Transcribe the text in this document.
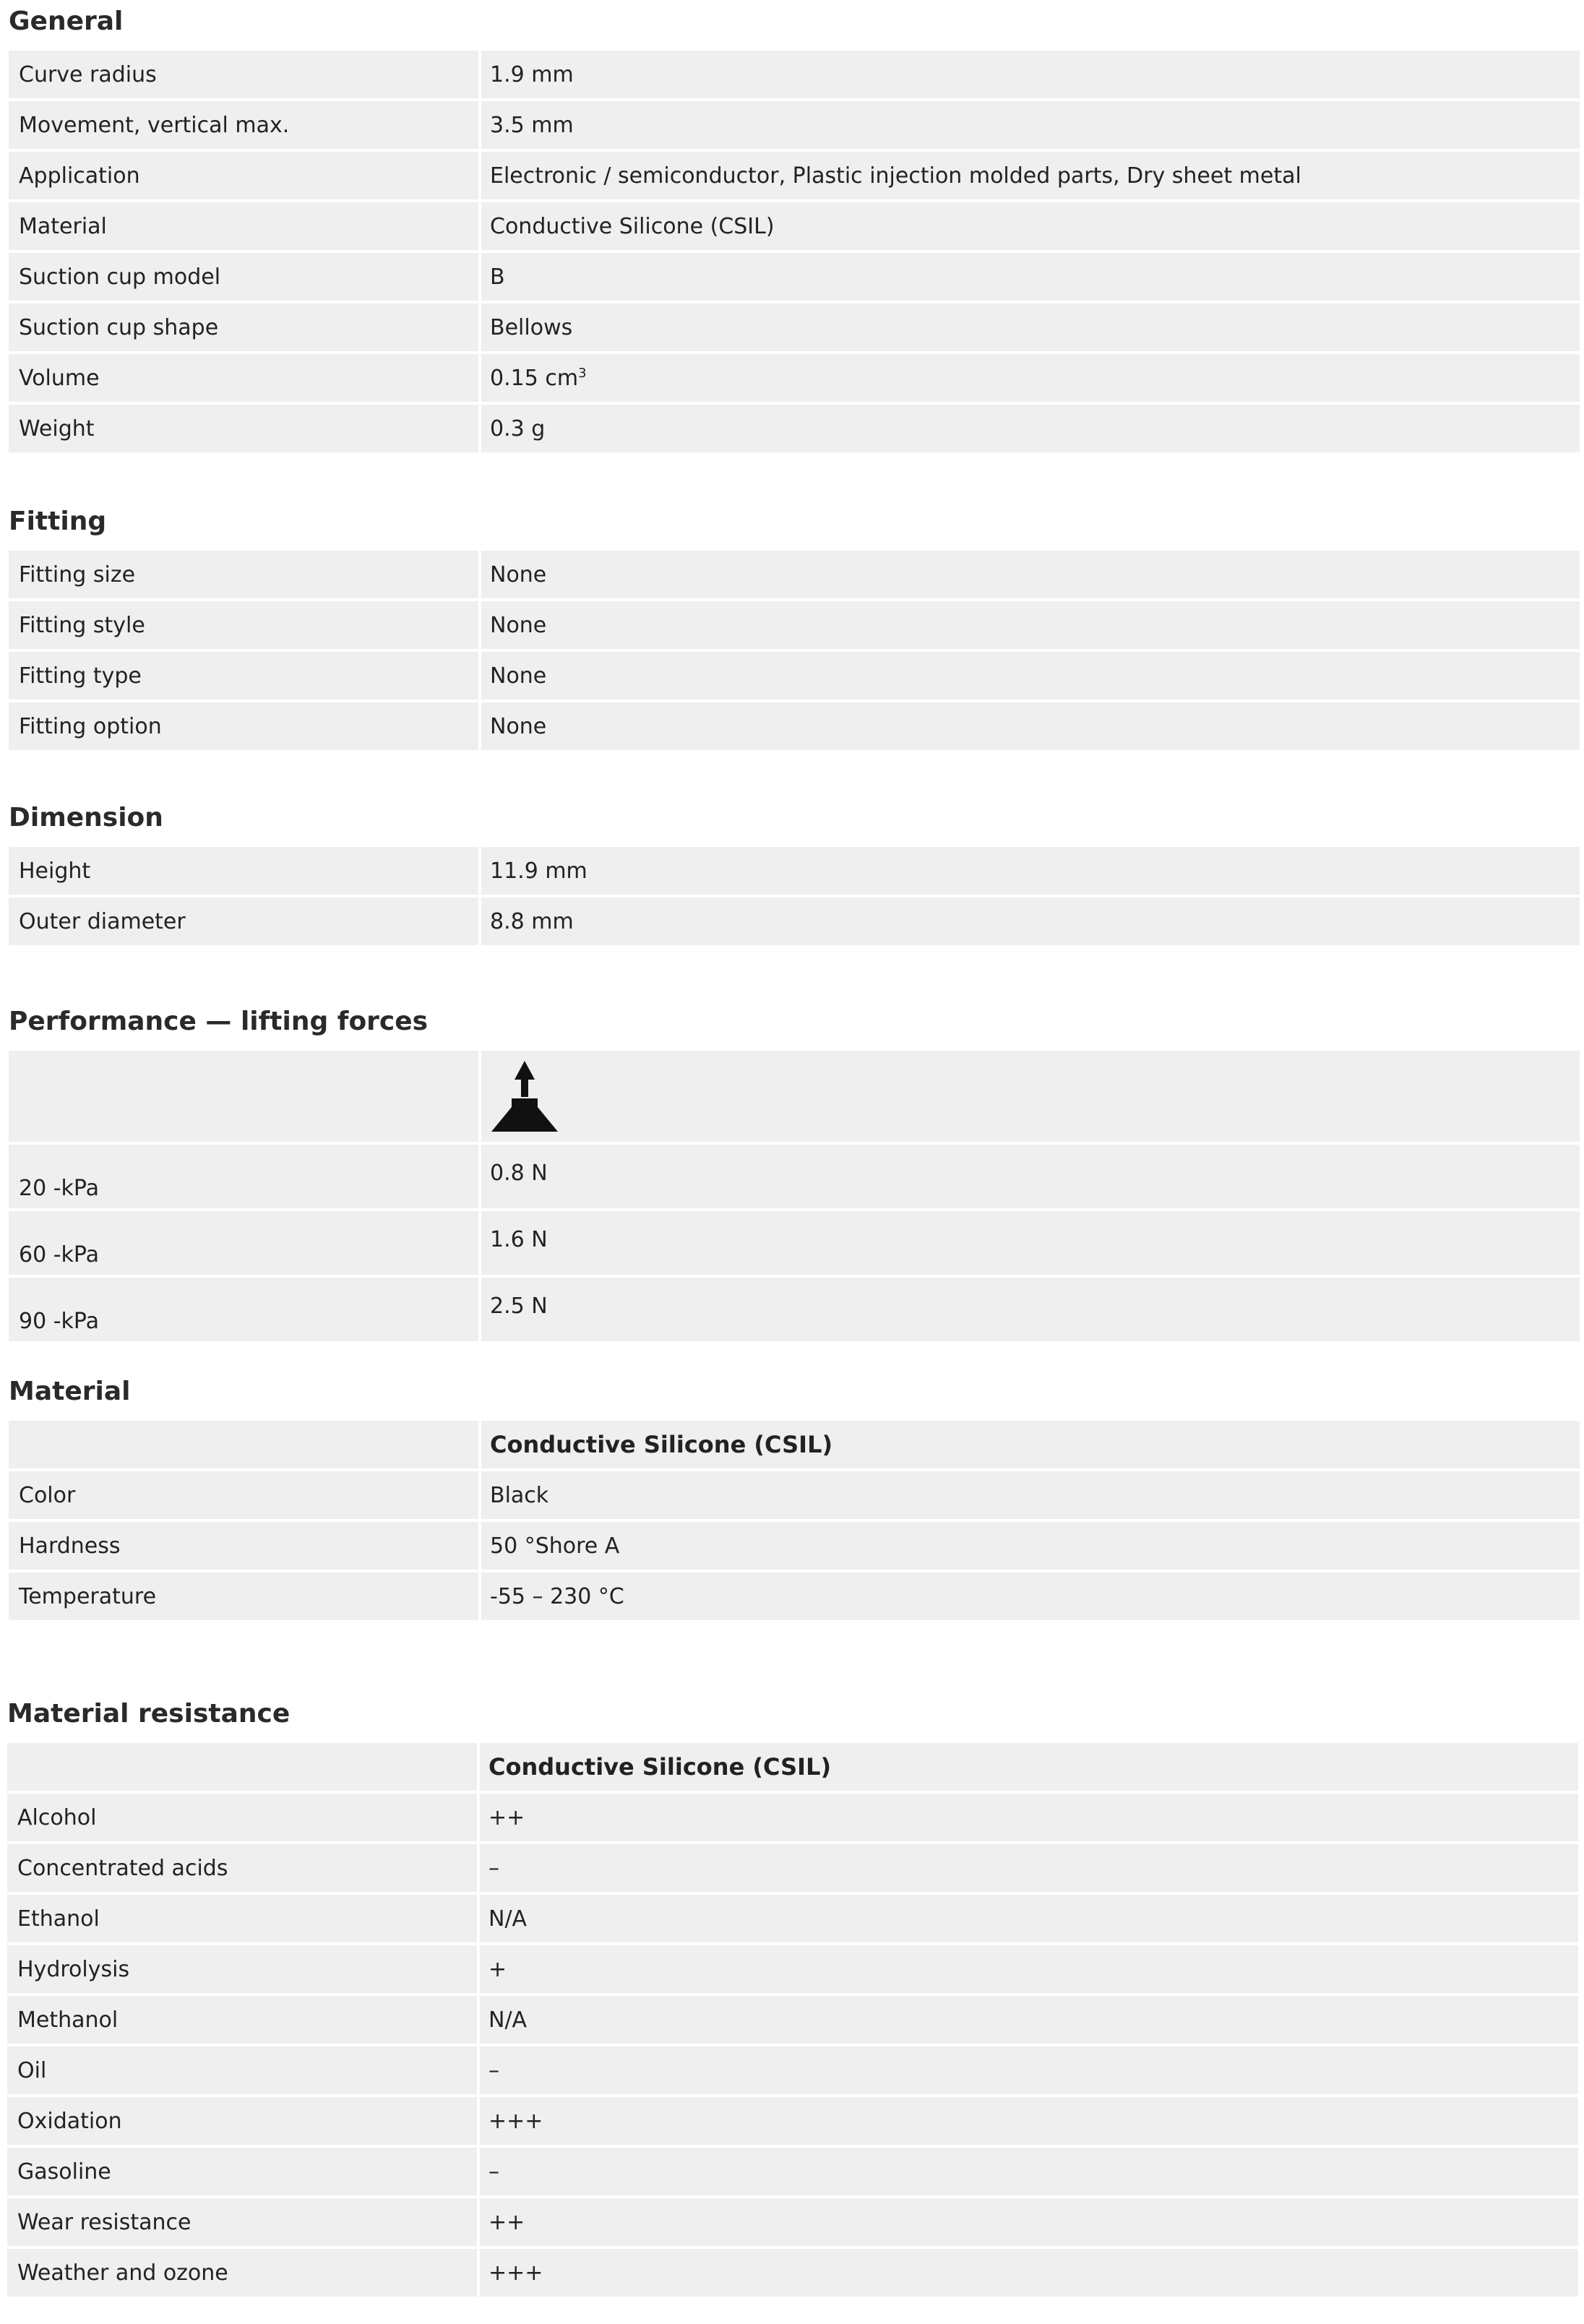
General
Curve radius	1.9 mm
Movement, vertical max.	3.5 mm
Application	Electronic / semiconductor, Plastic injection molded parts, Dry sheet metal
Material	Conductive Silicone (CSIL)
Suction cup model	B
Suction cup shape	Bellows
Volume	0.15 $cm^3$
Weight	0.3 g
Fitting
Fitting size	None
Fitting style	None
Fitting type	None
Fitting option	None
Dimension
Height	11.9 mm
Outer diameter	8.8 mm
Performance — lifting forces

20 -kPa	0.8 N
60 -kPa	1.6 N
90 -kPa	2.5 N
Material
	Conductive Silicone (CSIL)
Color	Black
Hardness	50 °Shore A
Temperature	-55 – 230 °C
Material resistance
	Conductive Silicone (CSIL)
Alcohol	++
Concentrated acids	–
Ethanol	N/A
Hydrolysis	+
Methanol	N/A
Oil	–
Oxidation	+++
Gasoline	–
Wear resistance	++
Weather and ozone	+++
